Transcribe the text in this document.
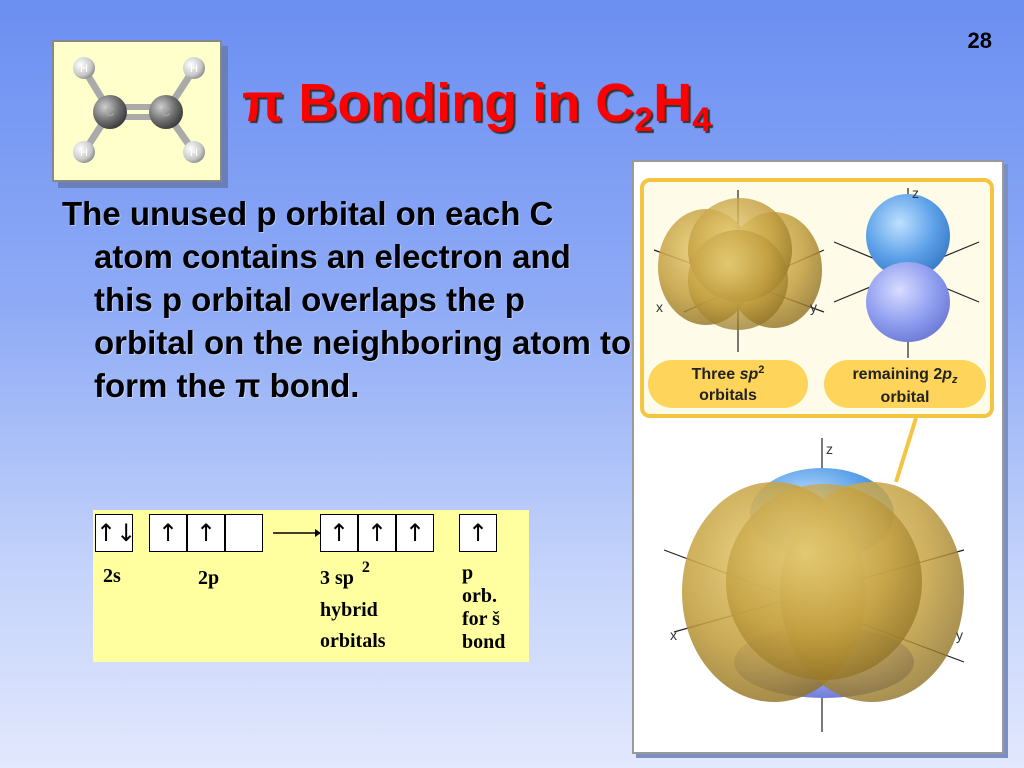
28
H
H
C	C
H
H
π Bonding in $C_2H_4$
The unused p orbital on each C atom contains an electron and this p orbital overlaps the p orbital on the neighboring atom to form the π bond.
↑↓ ↑ ↑	↑ ↑ ↑	↑
2s	2p	3 sp $^2$
hybrid
orbitals
p
orb.
for š
bond
x	y
z
Three $sp^2$
orbitals
remaining $2p_z$
orbital
z
x	y
